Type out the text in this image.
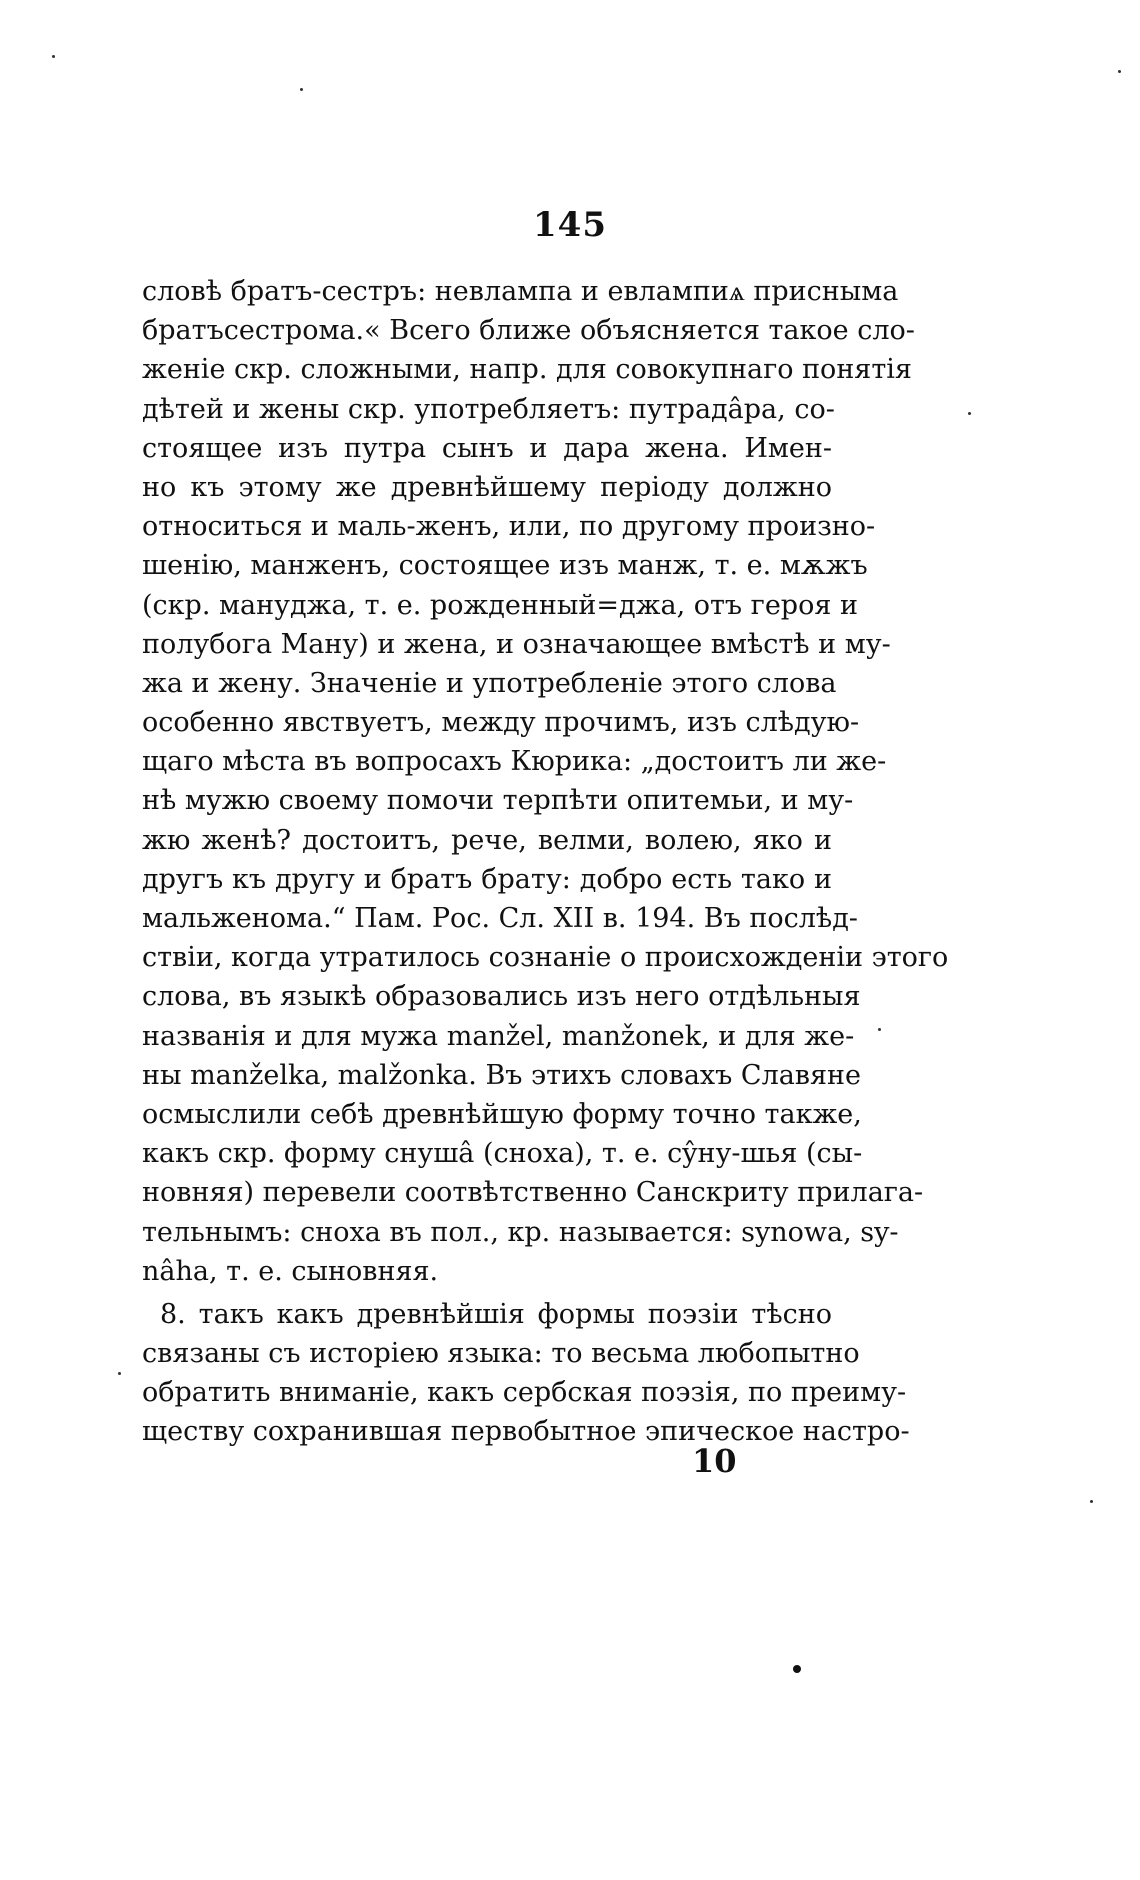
145
словѣ братъ-сестръ: невлампа и евлампиѧ присныма
братъсестрома.« Всего ближе объясняется такое сло-
женіе скр. сложными, напр. для совокупнаго понятія
дѣтей и жены скр. употребляетъ: путрадâра, со-
стоящее изъ путра сынъ и дара жена. Имен-
но къ этому же древнѣйшему періоду должно
относиться и маль-женъ, или, по другому произно-
шенію, манженъ, состоящее изъ манж, т. е. мѫжъ
(скр. мануджа, т. е. рожденный=джа, отъ героя и
полубога Ману) и жена, и означающее вмѣстѣ и му-
жа и жену. Значеніе и употребленіе этого слова
особенно явствуетъ, между прочимъ, изъ слѣдую-
щаго мѣста въ вопросахъ Кюрика: „достоитъ ли же-
нѣ мужю своему помочи терпѣти опитемьи, и му-
жю женѣ? достоитъ, рече, велми, волею, яко и
другъ къ другу и братъ брату: добро есть тако и
мальженома.“ Пам. Рос. Сл. XII в. 194. Въ послѣд-
ствіи, когда утратилось сознаніе о происхожденіи этого
слова, въ языкѣ образовались изъ него отдѣльныя
названія и для мужа manžel, manžonek, и для же-
ны manželka, malžonka. Въ этихъ словахъ Славяне
осмыслили себѣ древнѣйшую форму точно также,
какъ скр. форму снушâ (сноха), т. е. сŷну-шья (сы-
новняя) перевели соотвѣтственно Санскриту прилага-
тельнымъ: сноха въ пол., кр. называется: synowa, sy-
nâha, т. е. сыновняя.
8. такъ какъ древнѣйшія формы поэзіи тѣсно
связаны съ исторіею языка: то весьма любопытно
обратить вниманіе, какъ сербская поэзія, по преиму-
ществу сохранившая первобытное эпическое настро-
10
